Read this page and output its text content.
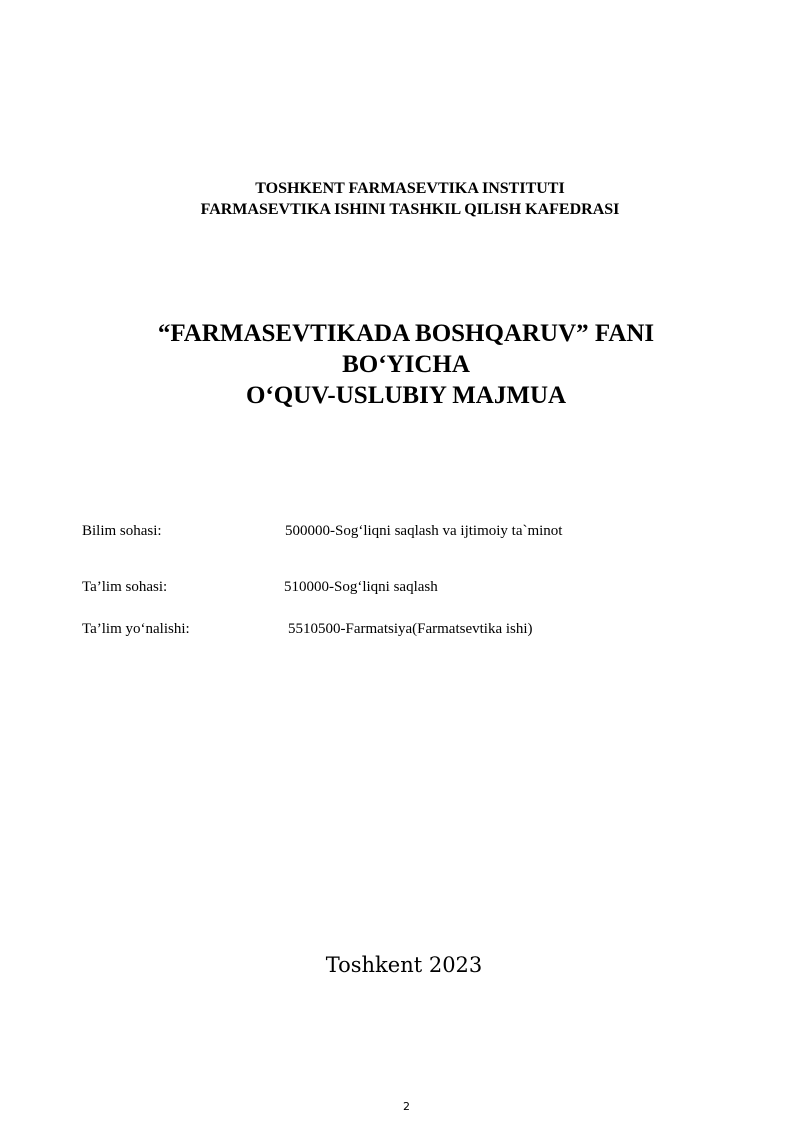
TOSHKENT FARMASEVTIKA INSTITUTI
FARMASEVTIKA ISHINI TASHKIL QILISH KAFEDRASI
“FARMASEVTIKADA BOSHQARUV” FANI
BO‘YICHA
O‘QUV-USLUBIY MAJMUA
Bilim sohasi:	500000-Sog‘liqni saqlash va ijtimoiy ta`minot
Ta’lim sohasi:	510000-Sog‘liqni saqlash
Ta’lim yo‘nalishi:	5510500-Farmatsiya(Farmatsevtika ishi)
Toshkent 2023
2
